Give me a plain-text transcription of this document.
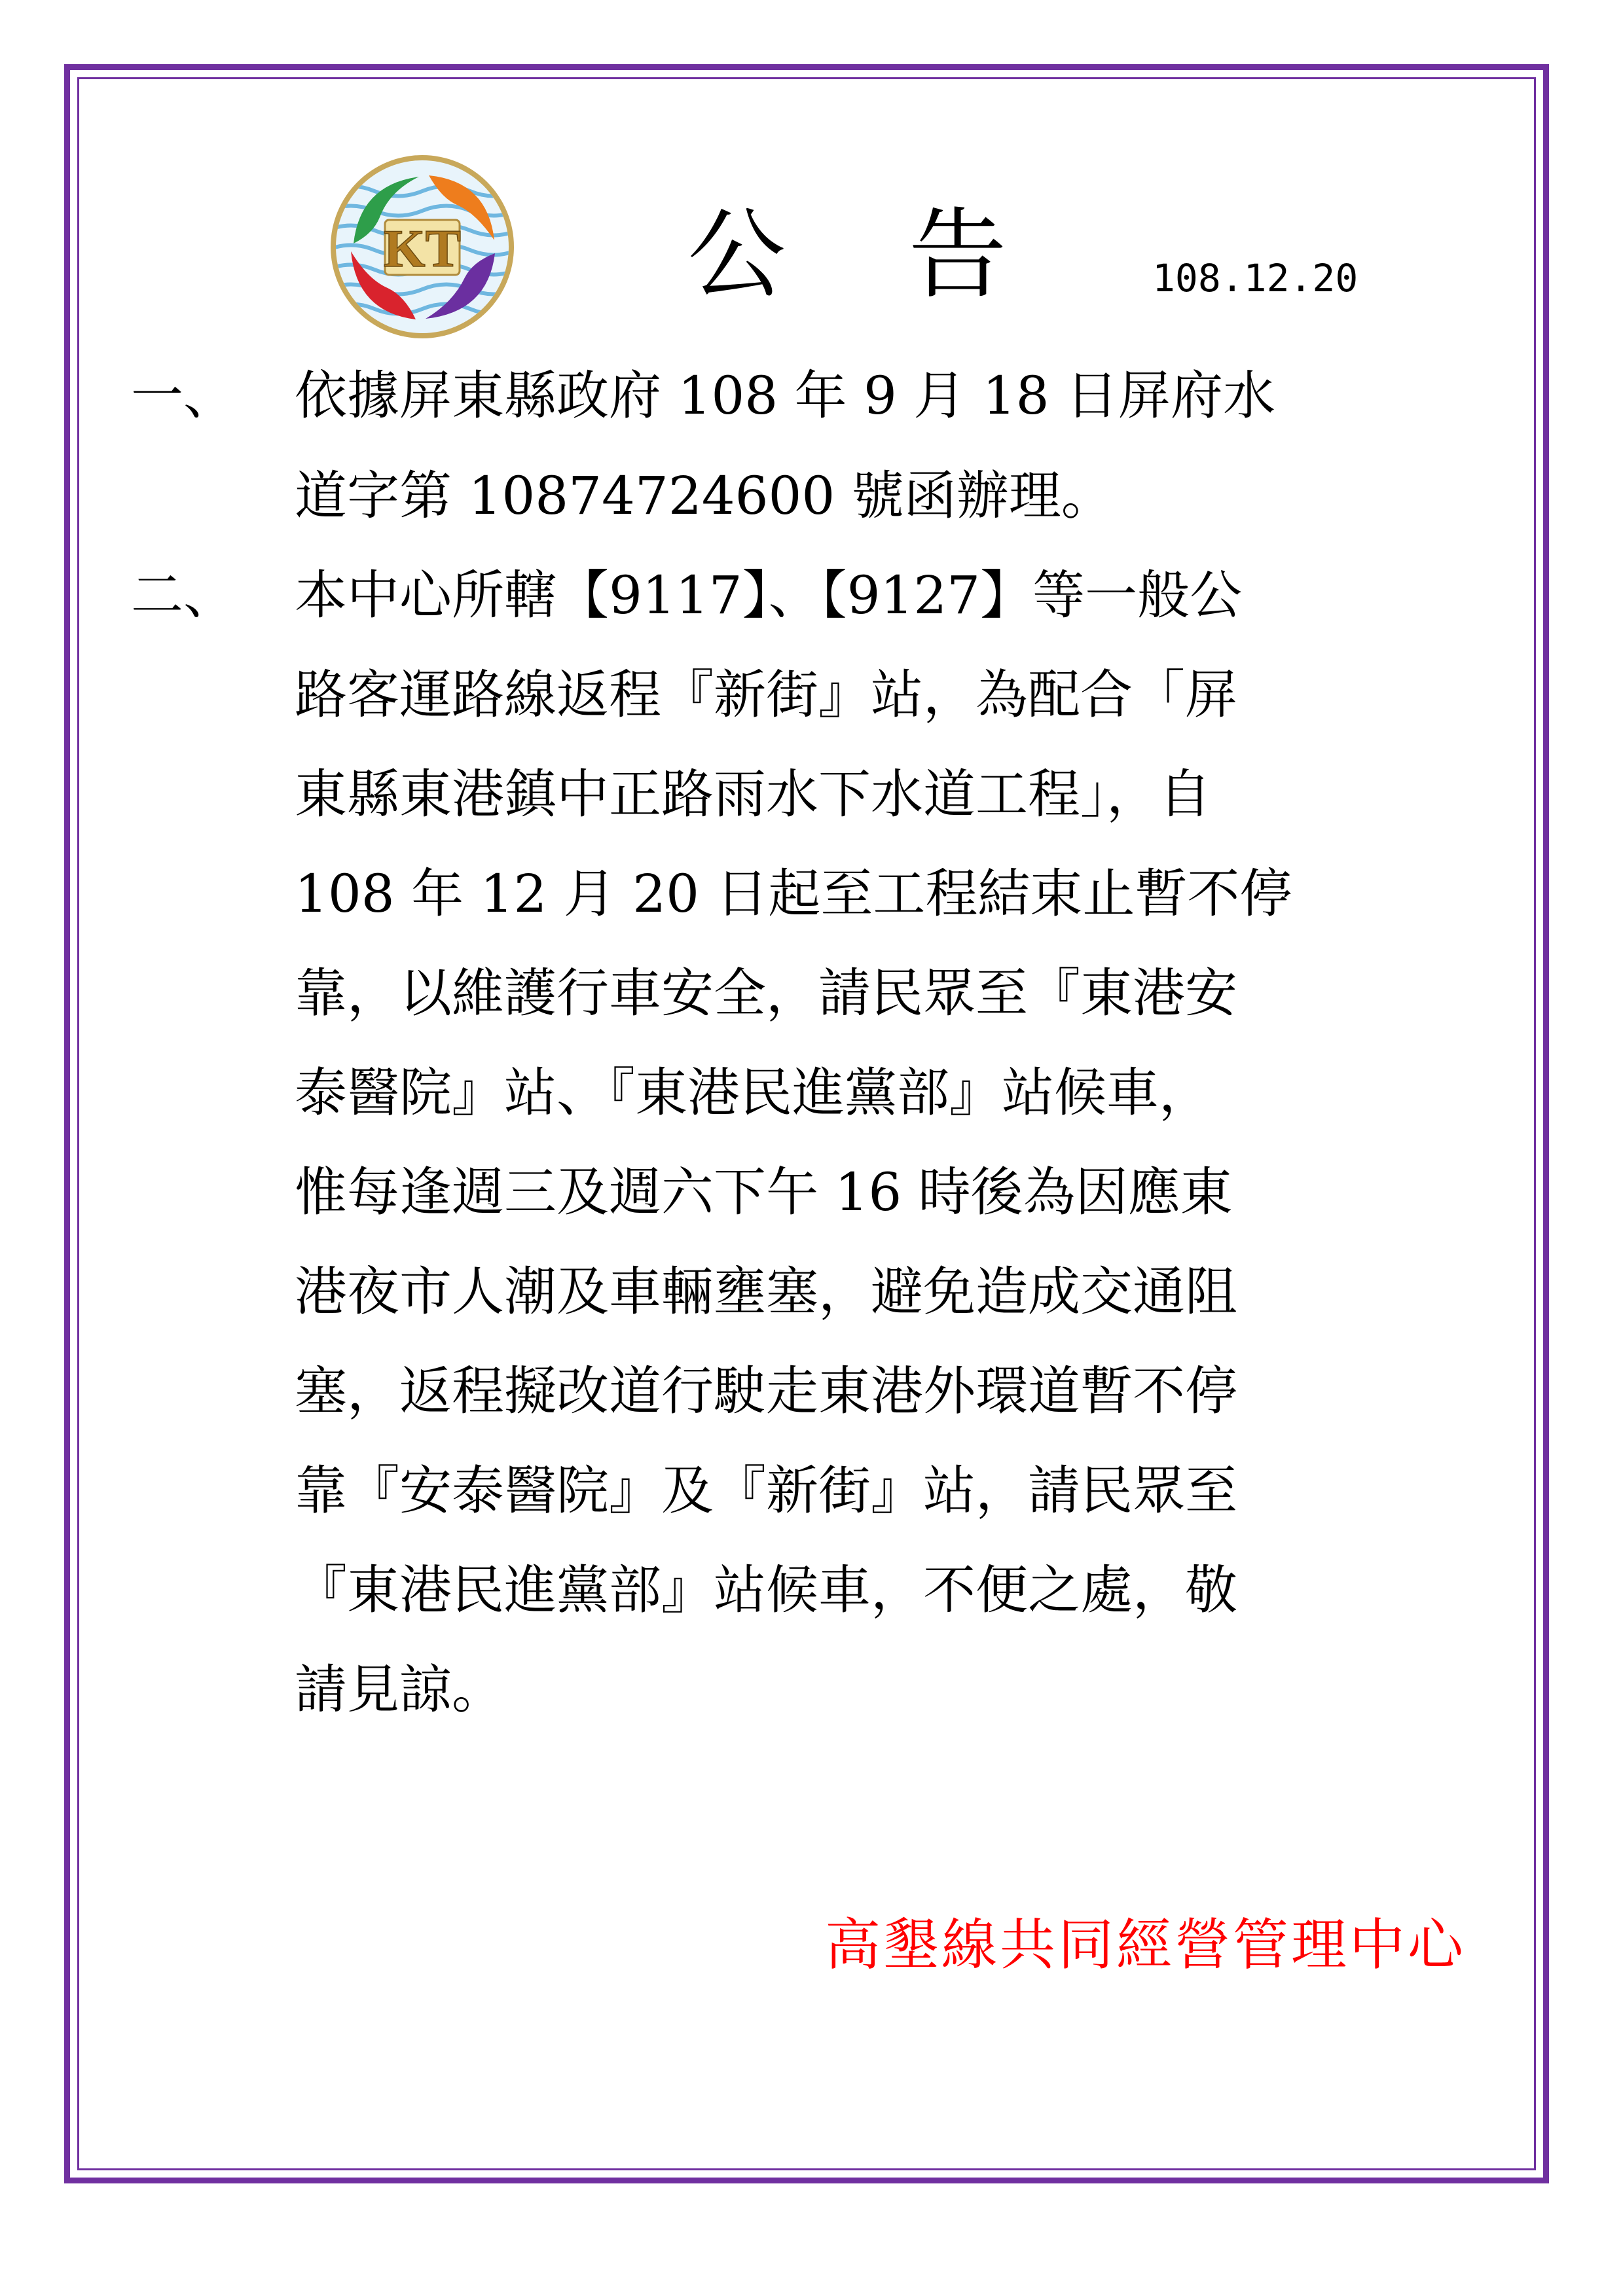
KT 公 告	108.12.20
一、 依據屏東縣政府 108 年 9 月 18 日屏府水
道字第 10874724600 號函辦理。
二、 本中心所轄【9117】、【9127】等一般公
路客運路線返程『新街』站，為配合「屏
東縣東港鎮中正路雨水下水道工程」，自
108 年 12 月 20 日起至工程結束止暫不停
靠，以維護行車安全，請民眾至『東港安
泰醫院』站、『東港民進黨部』站候車，
惟每逢週三及週六下午 16 時後為因應東
港夜市人潮及車輛壅塞，避免造成交通阻
塞，返程擬改道行駛走東港外環道暫不停
靠『安泰醫院』及『新街』站，請民眾至
『東港民進黨部』站候車，不便之處，敬
請見諒。
高墾線共同經營管理中心
